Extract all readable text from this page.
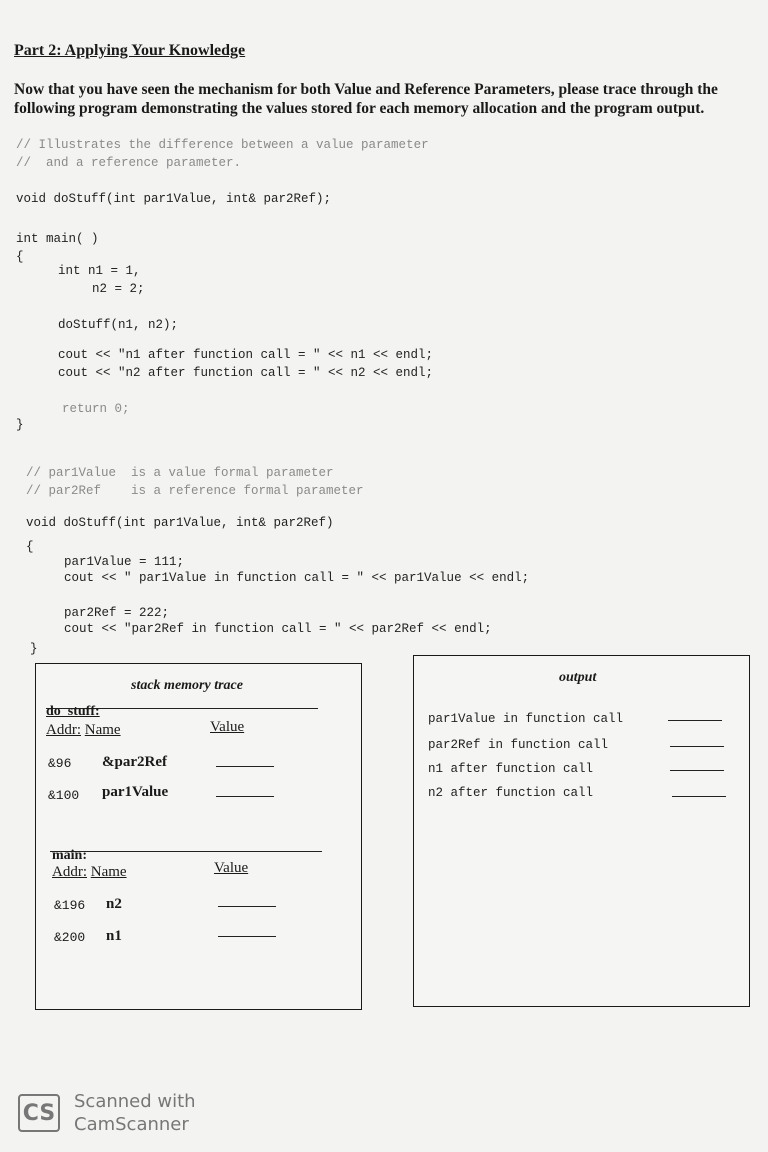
Part 2: Applying Your Knowledge
Now that you have seen the mechanism for both Value and Reference Parameters, please trace through the following program demonstrating the values stored for each memory allocation and the program output.
// Illustrates the difference between a value parameter
//  and a reference parameter.
void doStuff(int par1Value, int& par2Ref);
int main( )
{
int n1 = 1,
n2 = 2;
doStuff(n1, n2);
cout << "n1 after function call = " << n1 << endl;
cout << "n2 after function call = " << n2 << endl;
return 0;
}
// par1Value  is a value formal parameter
// par2Ref    is a reference formal parameter
void doStuff(int par1Value, int& par2Ref)
{
par1Value = 111;
cout << " par1Value in function call = " << par1Value << endl;
par2Ref = 222;
cout << "par2Ref in function call = " << par2Ref << endl;
}
stack memory trace
do_stuff:
Addr: Name	Value
&96 &par2Ref
&100 par1Value
main:
Addr: Name	Value
&196 n2
&200 n1
output
par1Value in function call
par2Ref in function call
n1 after function call
n2 after function call
CS Scanned with
CamScanner
